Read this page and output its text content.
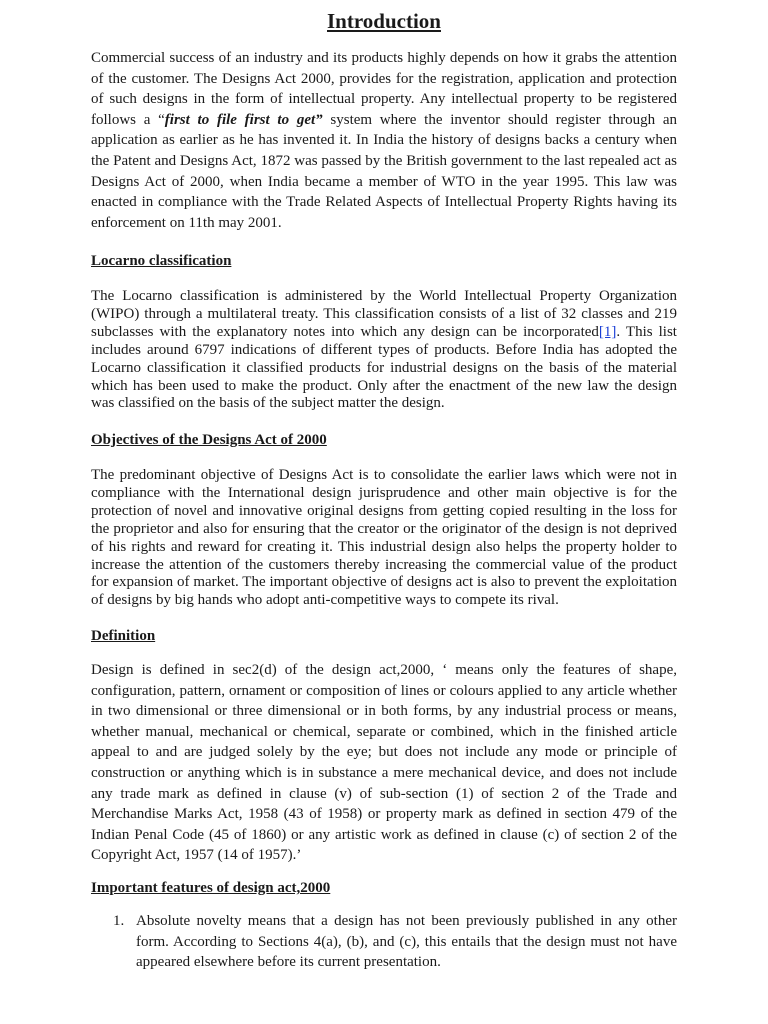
Introduction

Commercial success of an industry and its products highly depends on how it grabs the attention of the customer. The Designs Act 2000, provides for the registration, application and protection of such designs in the form of intellectual property. Any intellectual property to be registered follows a “first to file first to get” system where the inventor should register through an application as earlier as he has invented it. In India the history of designs backs a century when the Patent and Designs Act, 1872 was passed by the British government to the last repealed act as Designs Act of 2000, when India became a member of WTO in the year 1995. This law was enacted in compliance with the Trade Related Aspects of Intellectual Property Rights having its enforcement on 11th may 2001.

Locarno classification

The Locarno classification is administered by the World Intellectual Property Organization (WIPO) through a multilateral treaty. This classification consists of a list of 32 classes and 219 subclasses with the explanatory notes into which any design can be incorporated[1]. This list includes around 6797 indications of different types of products. Before India has adopted the Locarno classification it classified products for industrial designs on the basis of the material which has been used to make the product. Only after the enactment of the new law the design was classified on the basis of the subject matter the design.

Objectives of the Designs Act of 2000

The predominant objective of Designs Act is to consolidate the earlier laws which were not in compliance with the International design jurisprudence and other main objective is for the protection of novel and innovative original designs from getting copied resulting in the loss for the proprietor and also for ensuring that the creator or the originator of the design is not deprived of his rights and reward for creating it. This industrial design also helps the property holder to increase the attention of the customers thereby increasing the commercial value of the product for expansion of market. The important objective of designs act is also to prevent the exploitation of designs by big hands who adopt anti-competitive ways to compete its rival.

Definition

Design is defined in sec2(d) of the design act,2000, ‘ means only the features of shape, configuration, pattern, ornament or composition of lines or colours applied to any article whether in two dimensional or three dimensional or in both forms, by any industrial process or means, whether manual, mechanical or chemical, separate or combined, which in the finished article appeal to and are judged solely by the eye; but does not include any mode or principle of construction or anything which is in substance a mere mechanical device, and does not include any trade mark as defined in clause (v) of sub-section (1) of section 2 of the Trade and Merchandise Marks Act, 1958 (43 of 1958) or property mark as defined in section 479 of the Indian Penal Code (45 of 1860) or any artistic work as defined in clause (c) of section 2 of the Copyright Act, 1957 (14 of 1957).’

Important features of design act,2000
1. Absolute novelty means that a design has not been previously published in any other form. According to Sections 4(a), (b), and (c), this entails that the design must not have appeared elsewhere before its current presentation.
